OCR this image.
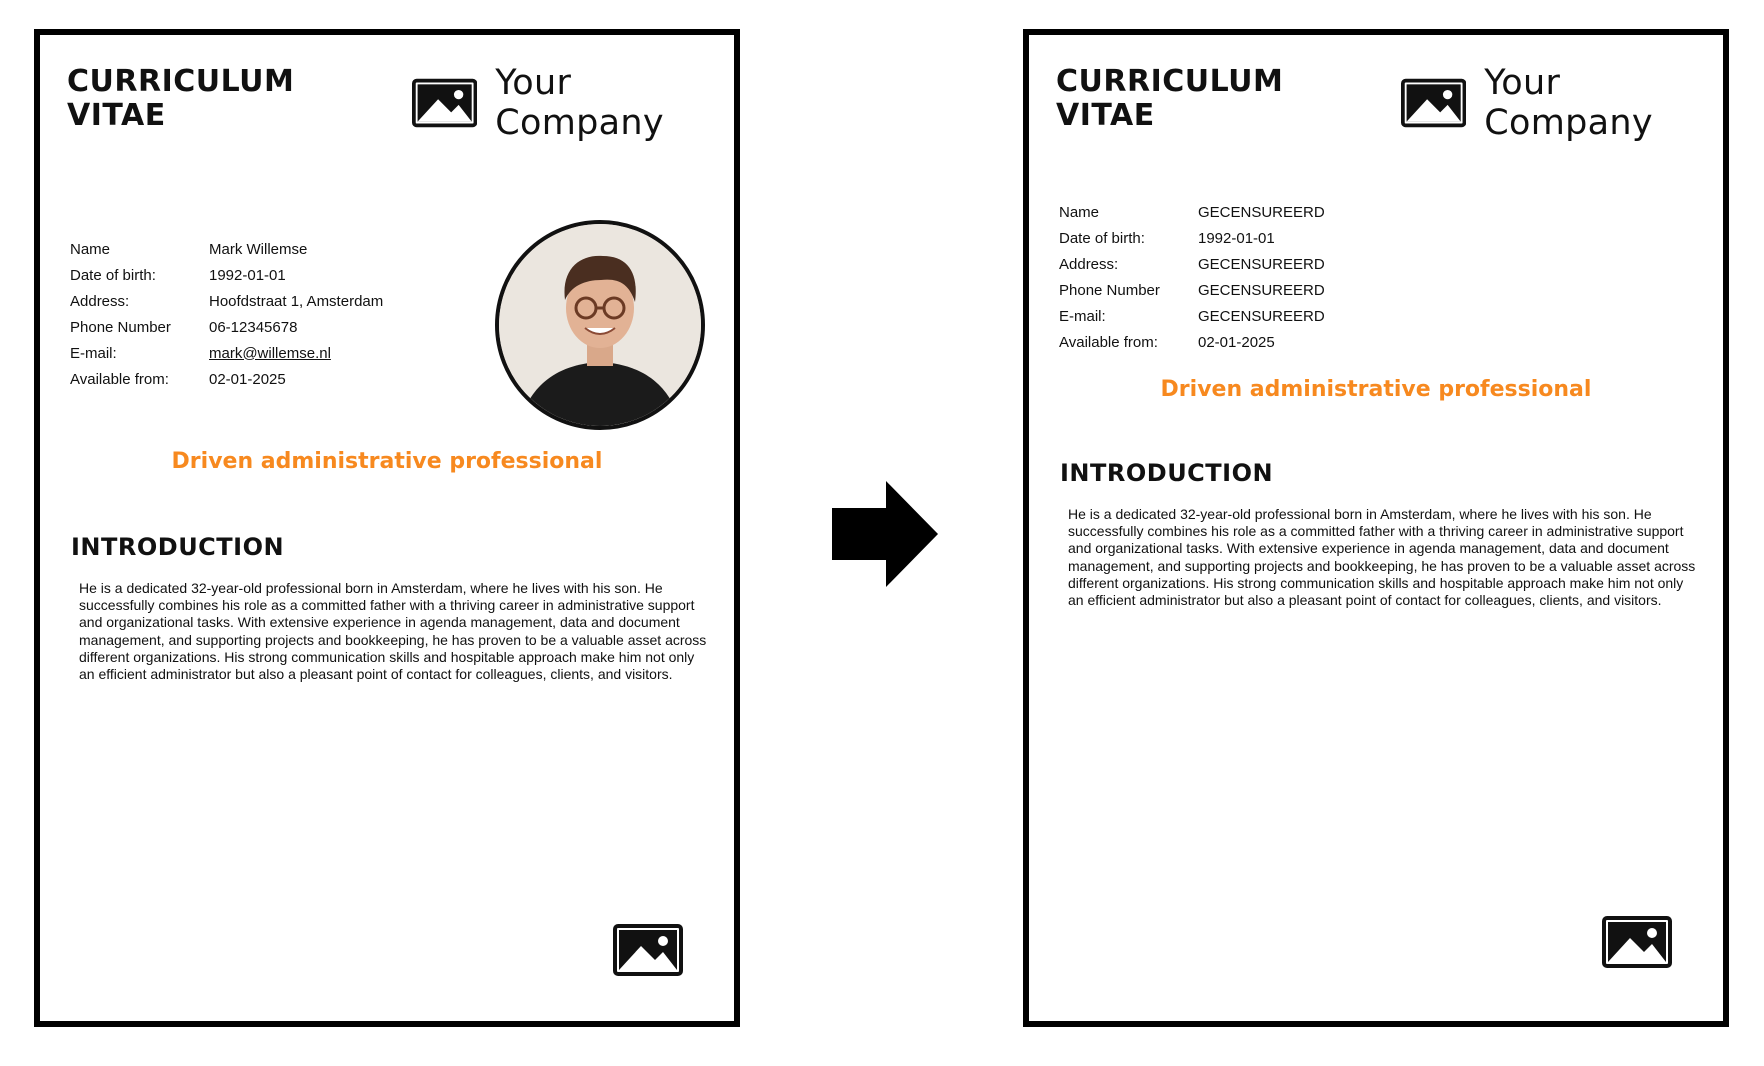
CURRICULUM
VITAE
Your Company
Name	Mark Willemse
Date of birth:	1992-01-01
Address:	Hoofdstraat 1, Amsterdam
Phone Number	06-12345678
E-mail:	mark@willemse.nl
Available from:	02-01-2025
Driven administrative professional
INTRODUCTION
He is a dedicated 32-year-old professional born in Amsterdam, where he lives with his son. He successfully combines his role as a committed father with a thriving career in administrative support and organizational tasks. With extensive experience in agenda management, data and document management, and supporting projects and bookkeeping, he has proven to be a valuable asset across different organizations. His strong communication skills and hospitable approach make him not only an efficient administrator but also a pleasant point of contact for colleagues, clients, and visitors.
CURRICULUM
VITAE
Your Company
Name	GECENSUREERD
Date of birth:	1992-01-01
Address:	GECENSUREERD
Phone Number	GECENSUREERD
E-mail:	GECENSUREERD
Available from:	02-01-2025
Driven administrative professional
INTRODUCTION
He is a dedicated 32-year-old professional born in Amsterdam, where he lives with his son. He successfully combines his role as a committed father with a thriving career in administrative support and organizational tasks. With extensive experience in agenda management, data and document management, and supporting projects and bookkeeping, he has proven to be a valuable asset across different organizations. His strong communication skills and hospitable approach make him not only an efficient administrator but also a pleasant point of contact for colleagues, clients, and visitors.
